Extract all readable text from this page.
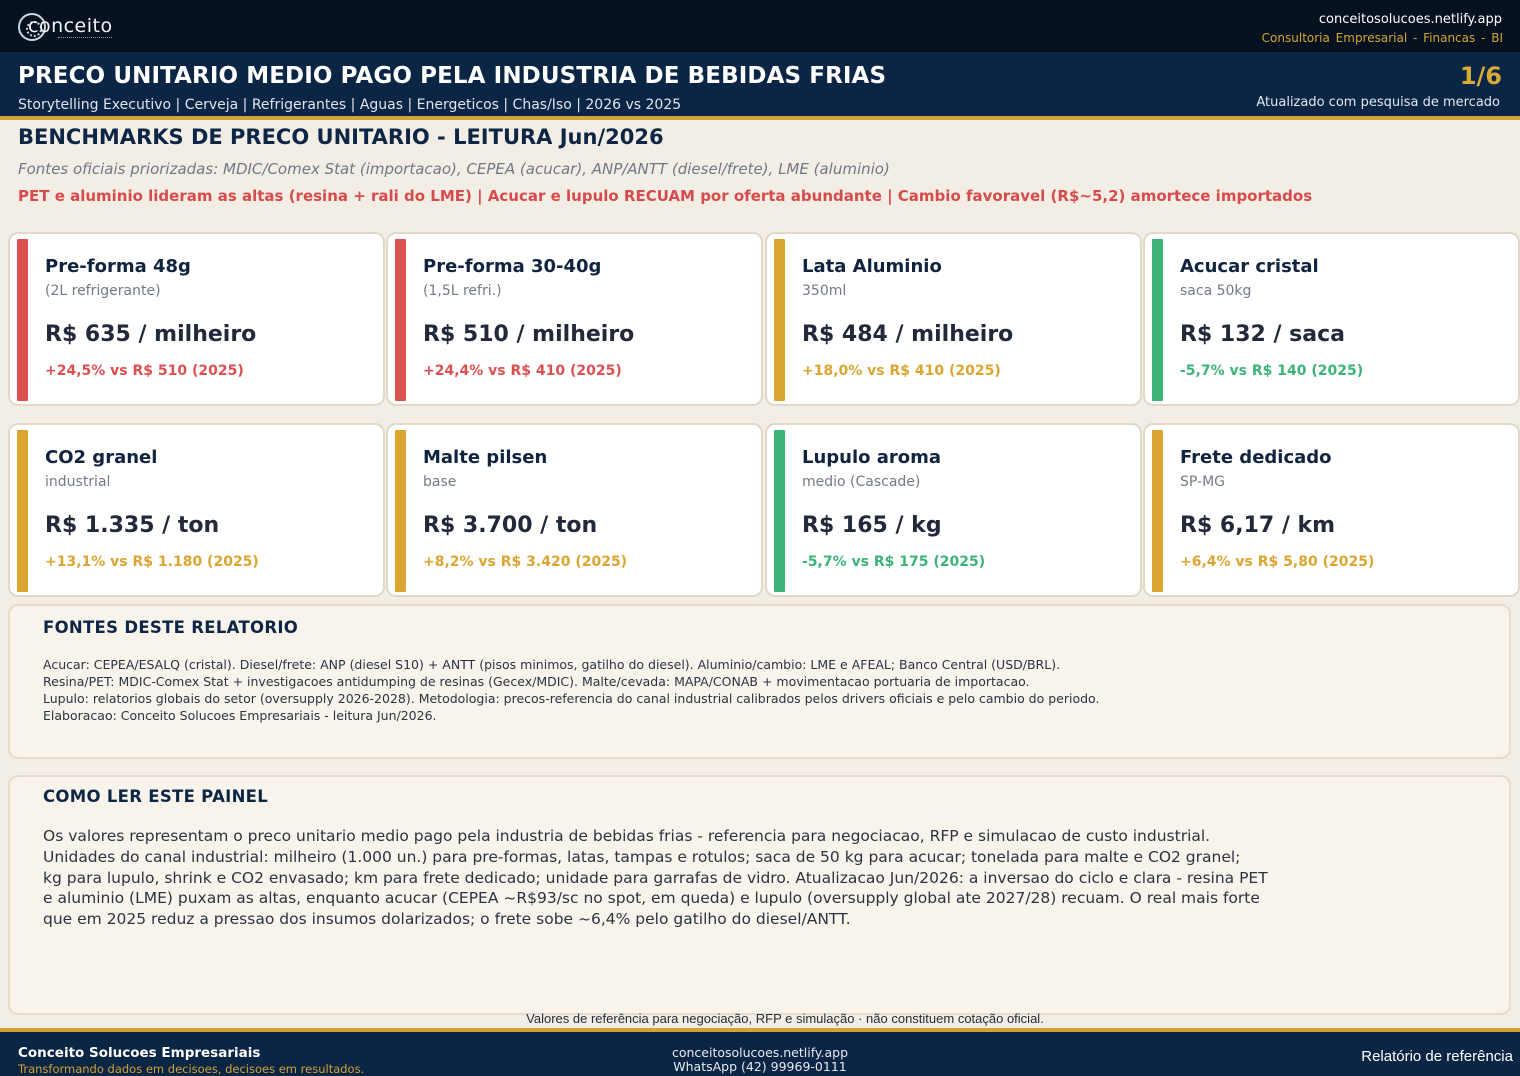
conceito	conceitosolucoes.netlify.app
Consultoria Empresarial - Financas - BI
PRECO UNITARIO MEDIO PAGO PELA INDUSTRIA DE BEBIDAS FRIAS
Storytelling Executivo | Cerveja | Refrigerantes | Aguas | Energeticos | Chas/Iso | 2026 vs 2025
1/6
Atualizado com pesquisa de mercado
BENCHMARKS DE PRECO UNITARIO - LEITURA Jun/2026
Fontes oficiais priorizadas: MDIC/Comex Stat (importacao), CEPEA (acucar), ANP/ANTT (diesel/frete), LME (aluminio)
PET e aluminio lideram as altas (resina + rali do LME) | Acucar e lupulo RECUAM por oferta abundante | Cambio favoravel (R$~5,2) amortece importados
Pre-forma 48g
(2L refrigerante)
R$ 635 / milheiro
+24,5% vs R$ 510 (2025)
Pre-forma 30-40g
(1,5L refri.)
R$ 510 / milheiro
+24,4% vs R$ 410 (2025)
Lata Aluminio
350ml
R$ 484 / milheiro
+18,0% vs R$ 410 (2025)
Acucar cristal
saca 50kg
R$ 132 / saca
-5,7% vs R$ 140 (2025)
CO2 granel
industrial
R$ 1.335 / ton
+13,1% vs R$ 1.180 (2025)
Malte pilsen
base
R$ 3.700 / ton
+8,2% vs R$ 3.420 (2025)
Lupulo aroma
medio (Cascade)
R$ 165 / kg
-5,7% vs R$ 175 (2025)
Frete dedicado
SP-MG
R$ 6,17 / km
+6,4% vs R$ 5,80 (2025)
FONTES DESTE RELATORIO
Acucar: CEPEA/ESALQ (cristal). Diesel/frete: ANP (diesel S10) + ANTT (pisos minimos, gatilho do diesel). Aluminio/cambio: LME e AFEAL; Banco Central (USD/BRL).
Resina/PET: MDIC-Comex Stat + investigacoes antidumping de resinas (Gecex/MDIC). Malte/cevada: MAPA/CONAB + movimentacao portuaria de importacao.
Lupulo: relatorios globais do setor (oversupply 2026-2028). Metodologia: precos-referencia do canal industrial calibrados pelos drivers oficiais e pelo cambio do periodo.
Elaboracao: Conceito Solucoes Empresariais - leitura Jun/2026.
COMO LER ESTE PAINEL
Os valores representam o preco unitario medio pago pela industria de bebidas frias - referencia para negociacao, RFP e simulacao de custo industrial.
Unidades do canal industrial: milheiro (1.000 un.) para pre-formas, latas, tampas e rotulos; saca de 50 kg para acucar; tonelada para malte e CO2 granel;
kg para lupulo, shrink e CO2 envasado; km para frete dedicado; unidade para garrafas de vidro. Atualizacao Jun/2026: a inversao do ciclo e clara - resina PET
e aluminio (LME) puxam as altas, enquanto acucar (CEPEA ~R$93/sc no spot, em queda) e lupulo (oversupply global ate 2027/28) recuam. O real mais forte
que em 2025 reduz a pressao dos insumos dolarizados; o frete sobe ~6,4% pelo gatilho do diesel/ANTT.
Valores de referência para negociação, RFP e simulação · não constituem cotação oficial.
Conceito Solucoes Empresariais
Transformando dados em decisoes, decisoes em resultados.
conceitosolucoes.netlify.app
WhatsApp (42) 99969-0111
Relatório de referência
